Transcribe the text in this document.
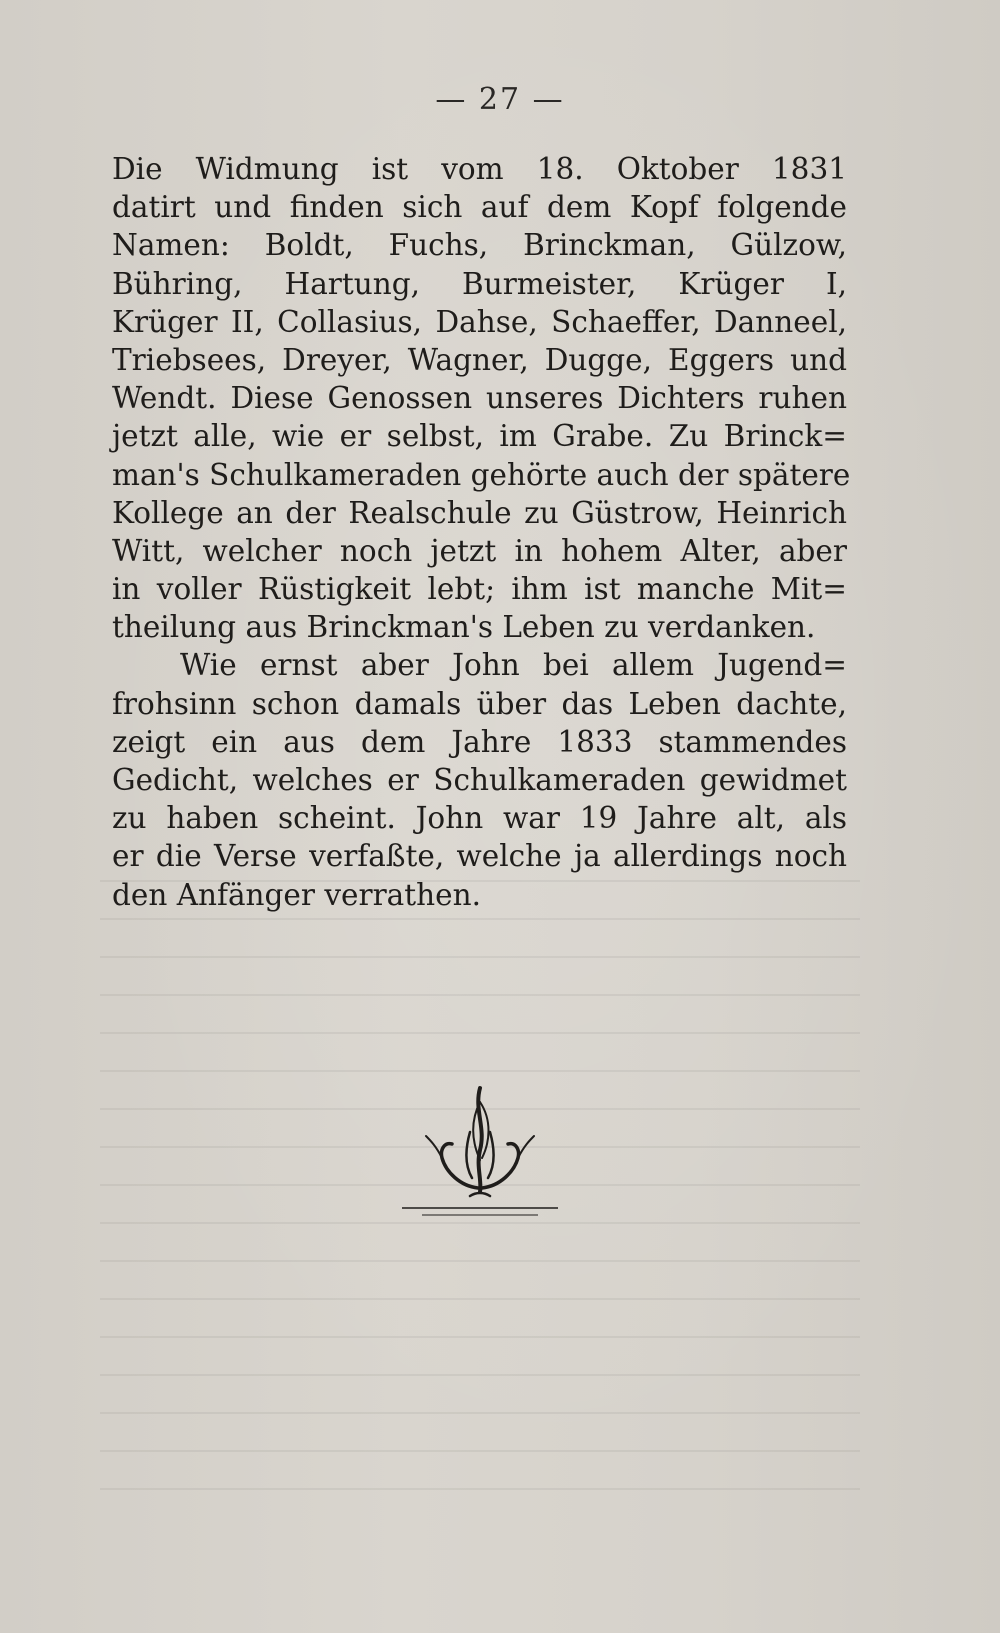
— 27 —
Die Widmung ist vom 18. Oktober 1831
datirt und finden sich auf dem Kopf folgende
Namen: Boldt, Fuchs, Brinckman, Gülzow,
Bühring, Hartung, Burmeister, Krüger I,
Krüger II, Collasius, Dahse, Schaeffer, Danneel,
Triebsees, Dreyer, Wagner, Dugge, Eggers und
Wendt. Diese Genossen unseres Dichters ruhen
jetzt alle, wie er selbst, im Grabe. Zu Brinck=
man's Schulkameraden gehörte auch der spätere
Kollege an der Realschule zu Güstrow, Heinrich
Witt, welcher noch jetzt in hohem Alter, aber
in voller Rüstigkeit lebt; ihm ist manche Mit=
theilung aus Brinckman's Leben zu verdanken.
Wie ernst aber John bei allem Jugend=
frohsinn schon damals über das Leben dachte,
zeigt ein aus dem Jahre 1833 stammendes
Gedicht, welches er Schulkameraden gewidmet
zu haben scheint. John war 19 Jahre alt, als
er die Verse verfaßte, welche ja allerdings noch
den Anfänger verrathen.
